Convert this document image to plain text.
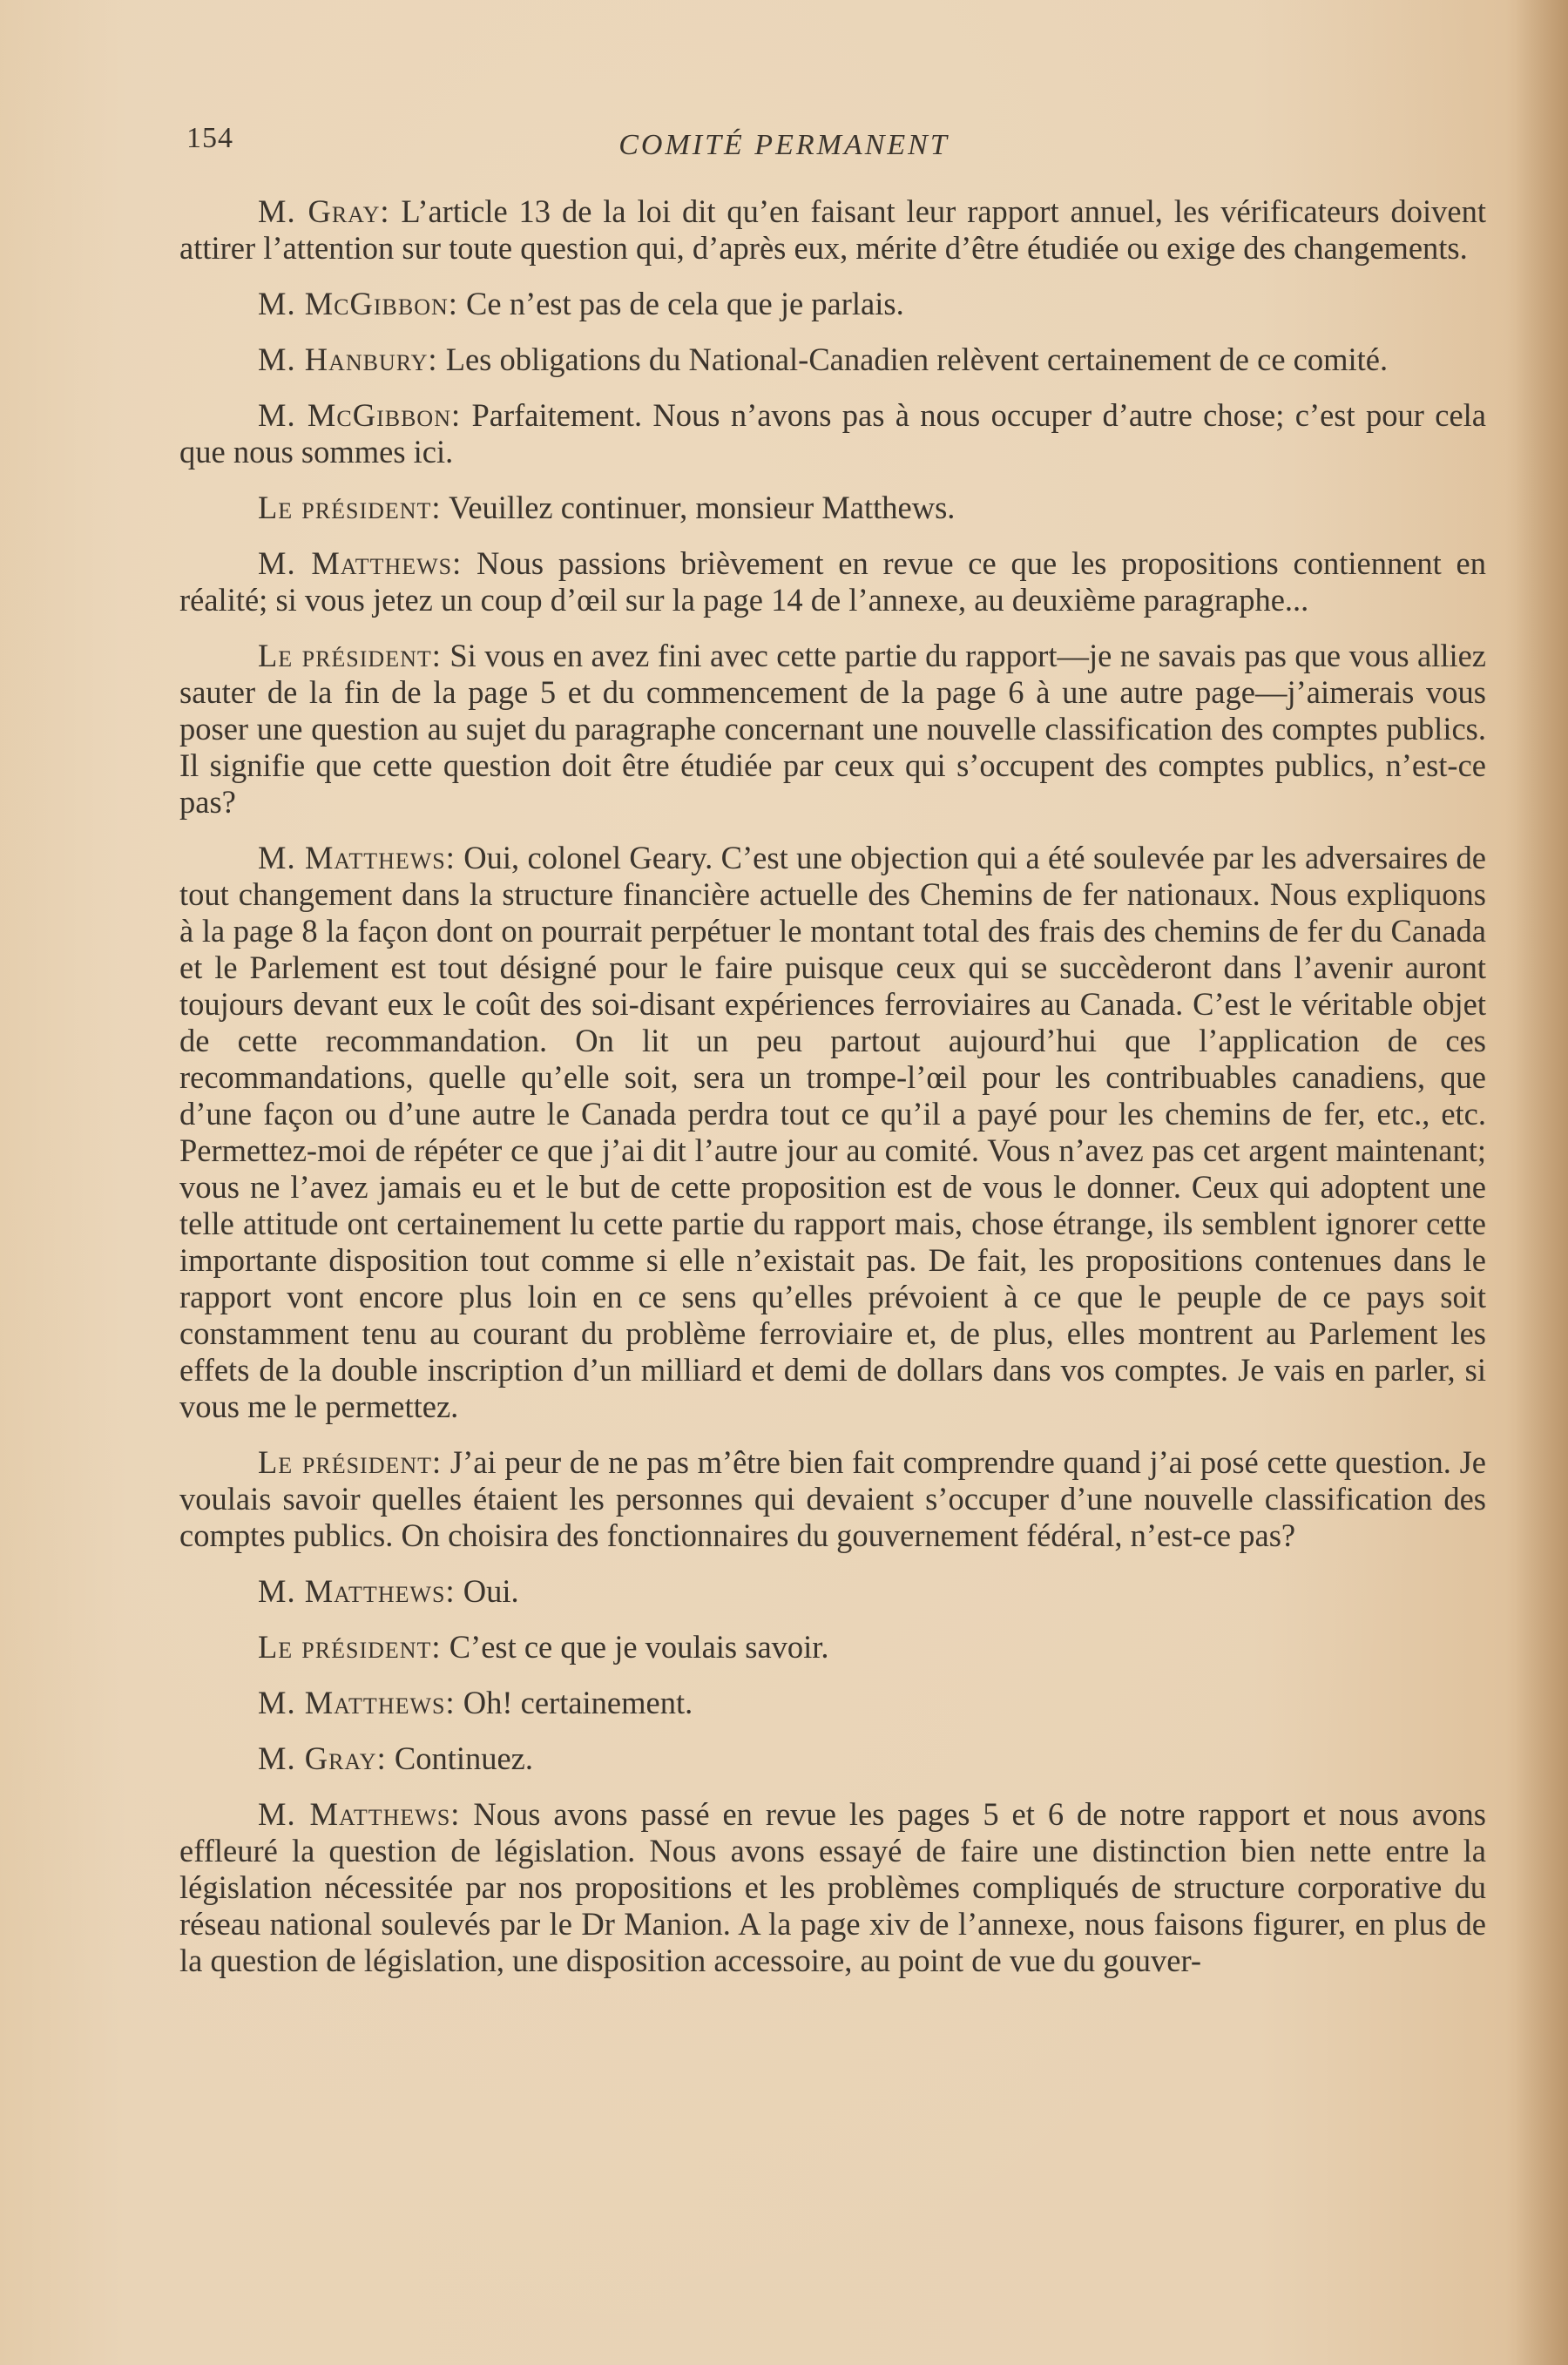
154	COMITÉ PERMANENT

M. Gray: L’article 13 de la loi dit qu’en faisant leur rapport annuel, les vérificateurs doivent attirer l’attention sur toute question qui, d’après eux, mérite d’être étudiée ou exige des changements.

M. McGibbon: Ce n’est pas de cela que je parlais.

M. Hanbury: Les obligations du National-Canadien relèvent certainement de ce comité.

M. McGibbon: Parfaitement. Nous n’avons pas à nous occuper d’autre chose; c’est pour cela que nous sommes ici.

Le président: Veuillez continuer, monsieur Matthews.

M. Matthews: Nous passions brièvement en revue ce que les propositions contiennent en réalité; si vous jetez un coup d’œil sur la page 14 de l’annexe, au deuxième paragraphe...

Le président: Si vous en avez fini avec cette partie du rapport—je ne savais pas que vous alliez sauter de la fin de la page 5 et du commencement de la page 6 à une autre page—j’aimerais vous poser une question au sujet du paragraphe concernant une nouvelle classification des comptes publics. Il signifie que cette question doit être étudiée par ceux qui s’occupent des comptes publics, n’est-ce pas?

M. Matthews: Oui, colonel Geary. C’est une objection qui a été soulevée par les adversaires de tout changement dans la structure financière actuelle des Chemins de fer nationaux. Nous expliquons à la page 8 la façon dont on pourrait perpétuer le montant total des frais des chemins de fer du Canada et le Parlement est tout désigné pour le faire puisque ceux qui se succèderont dans l’avenir auront toujours devant eux le coût des soi-disant expériences ferroviaires au Canada. C’est le véritable objet de cette recommandation. On lit un peu partout aujourd’hui que l’application de ces recommandations, quelle qu’elle soit, sera un trompe-l’œil pour les contribuables canadiens, que d’une façon ou d’une autre le Canada perdra tout ce qu’il a payé pour les chemins de fer, etc., etc. Permettez-moi de répéter ce que j’ai dit l’autre jour au comité. Vous n’avez pas cet argent maintenant; vous ne l’avez jamais eu et le but de cette proposition est de vous le donner. Ceux qui adoptent une telle attitude ont certainement lu cette partie du rapport mais, chose étrange, ils semblent ignorer cette importante disposition tout comme si elle n’existait pas. De fait, les propositions contenues dans le rapport vont encore plus loin en ce sens qu’elles prévoient à ce que le peuple de ce pays soit constamment tenu au courant du problème ferroviaire et, de plus, elles montrent au Parlement les effets de la double inscription d’un milliard et demi de dollars dans vos comptes. Je vais en parler, si vous me le permettez.

Le président: J’ai peur de ne pas m’être bien fait comprendre quand j’ai posé cette question. Je voulais savoir quelles étaient les personnes qui devaient s’occuper d’une nouvelle classification des comptes publics. On choisira des fonctionnaires du gouvernement fédéral, n’est-ce pas?

M. Matthews: Oui.

Le président: C’est ce que je voulais savoir.

M. Matthews: Oh! certainement.

M. Gray: Continuez.

M. Matthews: Nous avons passé en revue les pages 5 et 6 de notre rapport et nous avons effleuré la question de législation. Nous avons essayé de faire une distinction bien nette entre la législation nécessitée par nos propositions et les problèmes compliqués de structure corporative du réseau national soulevés par le Dr Manion. A la page xiv de l’annexe, nous faisons figurer, en plus de la question de législation, une disposition accessoire, au point de vue du gouver-
